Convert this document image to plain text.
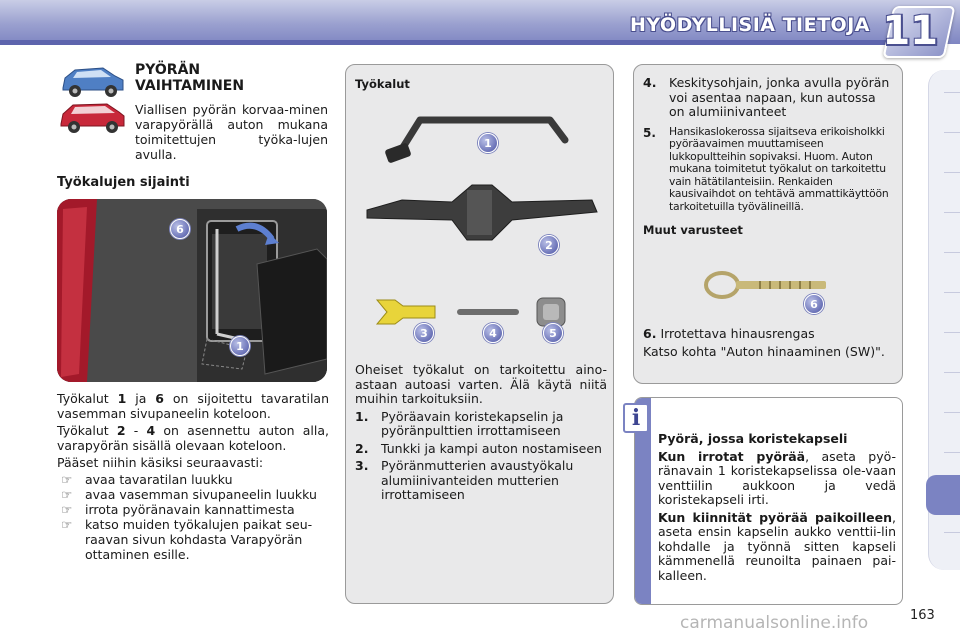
HYÖDYLLISIÄ TIETOJA 11
PYÖRÄN
VAIHTAMINEN
Viallisen pyörän korvaa-minen varapyörällä auton mukana toimitettujen työka-lujen avulla.
Työkalujen sijainti
6
1

Työkalut 1 ja 6 on sijoitettu tavaratilan vasemman sivupaneelin koteloon.

Työkalut 2 - 4 on asennettu auton alla, varapyörän sisällä olevaan koteloon.

Pääset niihin käsiksi seuraavasti:

☞	avaa tavaratilan luukku
☞	avaa vasemman sivupaneelin luukku
☞	irrota pyöränavain kannattimesta
☞	katso muiden työkalujen paikat seu-raavan sivun kohdasta Varapyörän ottaminen esille.
Työkalut
1
2
3	4	5
Oheiset työkalut on tarkoitettu aino-astaan autoasi varten. Älä käytä niitä muihin tarkoituksiin.
1.	Pyöräavain koristekapselin ja pyöränpulttien irrottamiseen
2.	Tunkki ja kampi auton nostamiseen
3.	Pyöränmutterien avaustyökalu alumiinivanteiden mutterien irrottamiseen
4.	Keskitysohjain, jonka avulla pyörän voi asentaa napaan, kun autossa on alumiinivanteet
5.	Hansikaslokerossa sijaitseva erikoisholkki pyöräavaimen muuttamiseen lukkopultteihin sopivaksi. Huom. Auton mukana toimitetut työkalut on tarkoitettu vain hätätilanteisiin. Renkaiden kausivaihdot on tehtävä ammattikäyttöön tarkoitetuilla työvälineillä.
Muut varusteet
6
6. Irrotettava hinausrengas
Katso kohta "Auton hinaaminen (SW)".
i
Pyörä, jossa koristekapseli
Kun irrotat pyörää, aseta pyö-ränavain 1 koristekapselissa ole-vaan venttiilin aukkoon ja vedä koristekapseli irti.
Kun kiinnität pyörää paikoilleen, aseta ensin kapselin aukko venttii-lin kohdalle ja työnnä sitten kapseli kämmenellä reunoilta painaen pai-kalleen.
carmanualsonline.info	163
